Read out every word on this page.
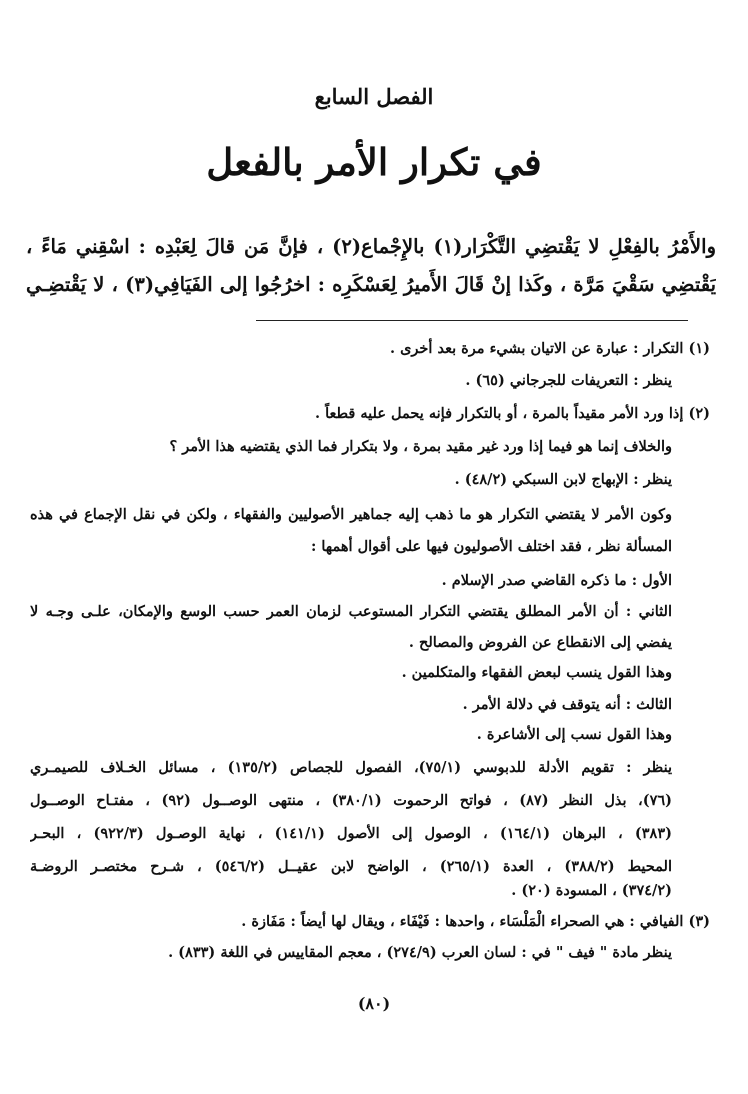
الفصل السابع
في تكرار الأمر بالفعل
والأَمْرُ بالفِعْلِ لا يَقْتضِي التَّكْرَار(١) بالإِجْماع(٢) ، فإنَّ مَن قالَ لِعَبْدِه : اسْقِني مَاءً ،
يَقْتضِي سَقْيَ مَرَّة ، وكَذا إنْ قَالَ الأَميرُ لِعَسْكَرِه : اخرُجُوا إلى الفَيَافِي(٣) ، لا يَقْتضِـي
(١) التكرار : عبارة عن الاتيان بشيء مرة بعد أخرى .
ينظر : التعريفات للجرجاني (٦٥) .
(٢) إذا ورد الأمر مقيداً بالمرة ، أو بالتكرار فإنه يحمل عليه قطعاً .
والخلاف إنما هو فيما إذا ورد غير مقيد بمرة ، ولا بتكرار فما الذي يقتضيه هذا الأمر ؟
ينظر : الإبهاج لابن السبكي (٤٨/٢) .
وكون الأمر لا يقتضي التكرار هو ما ذهب إليه جماهير الأصوليين والفقهاء ، ولكن في نقل الإجماع في هذه
المسألة نظر ، فقد اختلف الأصوليون فيها على أقوال أهمها :
الأول : ما ذكره القاضي صدر الإسلام .
الثاني : أن الأمر المطلق يقتضي التكرار المستوعب لزمان العمر حسب الوسع والإمكان، علـى وجـه لا
يفضي إلى الانقطاع عن الفروض والمصالح .
وهذا القول ينسب لبعض الفقهاء والمتكلمين .
الثالث : أنه يتوقف في دلالة الأمر .
وهذا القول نسب إلى الأشاعرة .
ينظر : تقويم الأدلة للدبوسي (٧٥/١)، الفصول للجصاص (١٣٥/٢) ، مسائل الخـلاف للصيمـري
(٧٦)، بذل النظر (٨٧) ، فواتح الرحموت (٣٨٠/١) ، منتهى الوصــول (٩٢) ، مفتـاح الوصــول
(٣٨٣) ، البرهان (١٦٤/١) ، الوصول إلى الأصول (١٤١/١) ، نهاية الوصـول (٩٢٢/٣) ، البحـر
المحيط (٣٨٨/٢) ، العدة (٢٦٥/١) ، الواضح لابن عقيــل (٥٤٦/٢) ، شـرح مختصـر الروضـة
(٣٧٤/٢) ، المسودة (٢٠) .
(٣) الفيافي : هي الصحراء الْمَلْسَاء ، واحدها : فَيْفَاء ، ويقال لها أيضاً : مَفَازة .
ينظر مادة " فيف " في : لسان العرب (٢٧٤/٩) ، معجم المقاييس في اللغة (٨٣٣) .
(٨٠)
